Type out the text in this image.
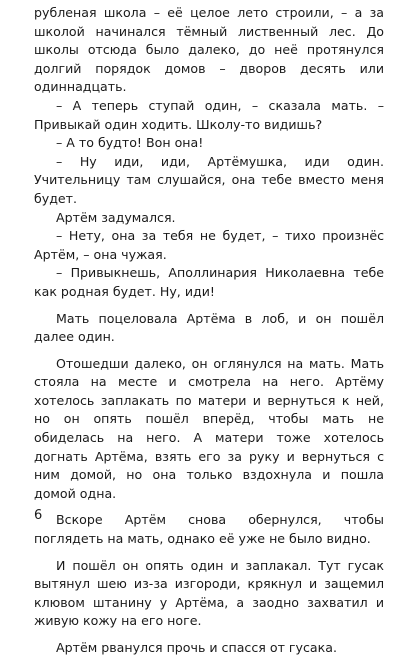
рубленая школа – её целое лето строили, – а за школой начинался тёмный лиственный лес. До школы отсюда было далеко, до неё протянулся долгий порядок домов – дворов десять или одиннадцать.

– А теперь ступай один, – сказала мать. – Привыкай один ходить. Школу-то видишь?

– А то будто! Вон она!

– Ну иди, иди, Артёмушка, иди один. Учительницу там слушайся, она тебе вместо меня будет.

Артём задумался.

– Нету, она за тебя не будет, – тихо произнёс Артём, – она чужая.

– Привыкнешь, Аполлинария Николаевна тебе как родная будет. Ну, иди!

Мать поцеловала Артёма в лоб, и он пошёл далее один.

Отошедши далеко, он оглянулся на мать. Мать стояла на месте и смотрела на него. Артёму хотелось заплакать по матери и вернуться к ней, но он опять пошёл вперёд, чтобы мать не обиделась на него. А матери тоже хотелось догнать Артёма, взять его за руку и вернуться с ним домой, но она только вздохнула и пошла домой одна.

Вскоре Артём снова обернулся, чтобы поглядеть на мать, однако её уже не было видно.

И пошёл он опять один и заплакал. Тут гусак вытянул шею из-за изгороди, крякнул и защемил клювом штанину у Артёма, а заодно захватил и живую кожу на его ноге.

Артём рванулся прочь и спасся от гусака.

6
